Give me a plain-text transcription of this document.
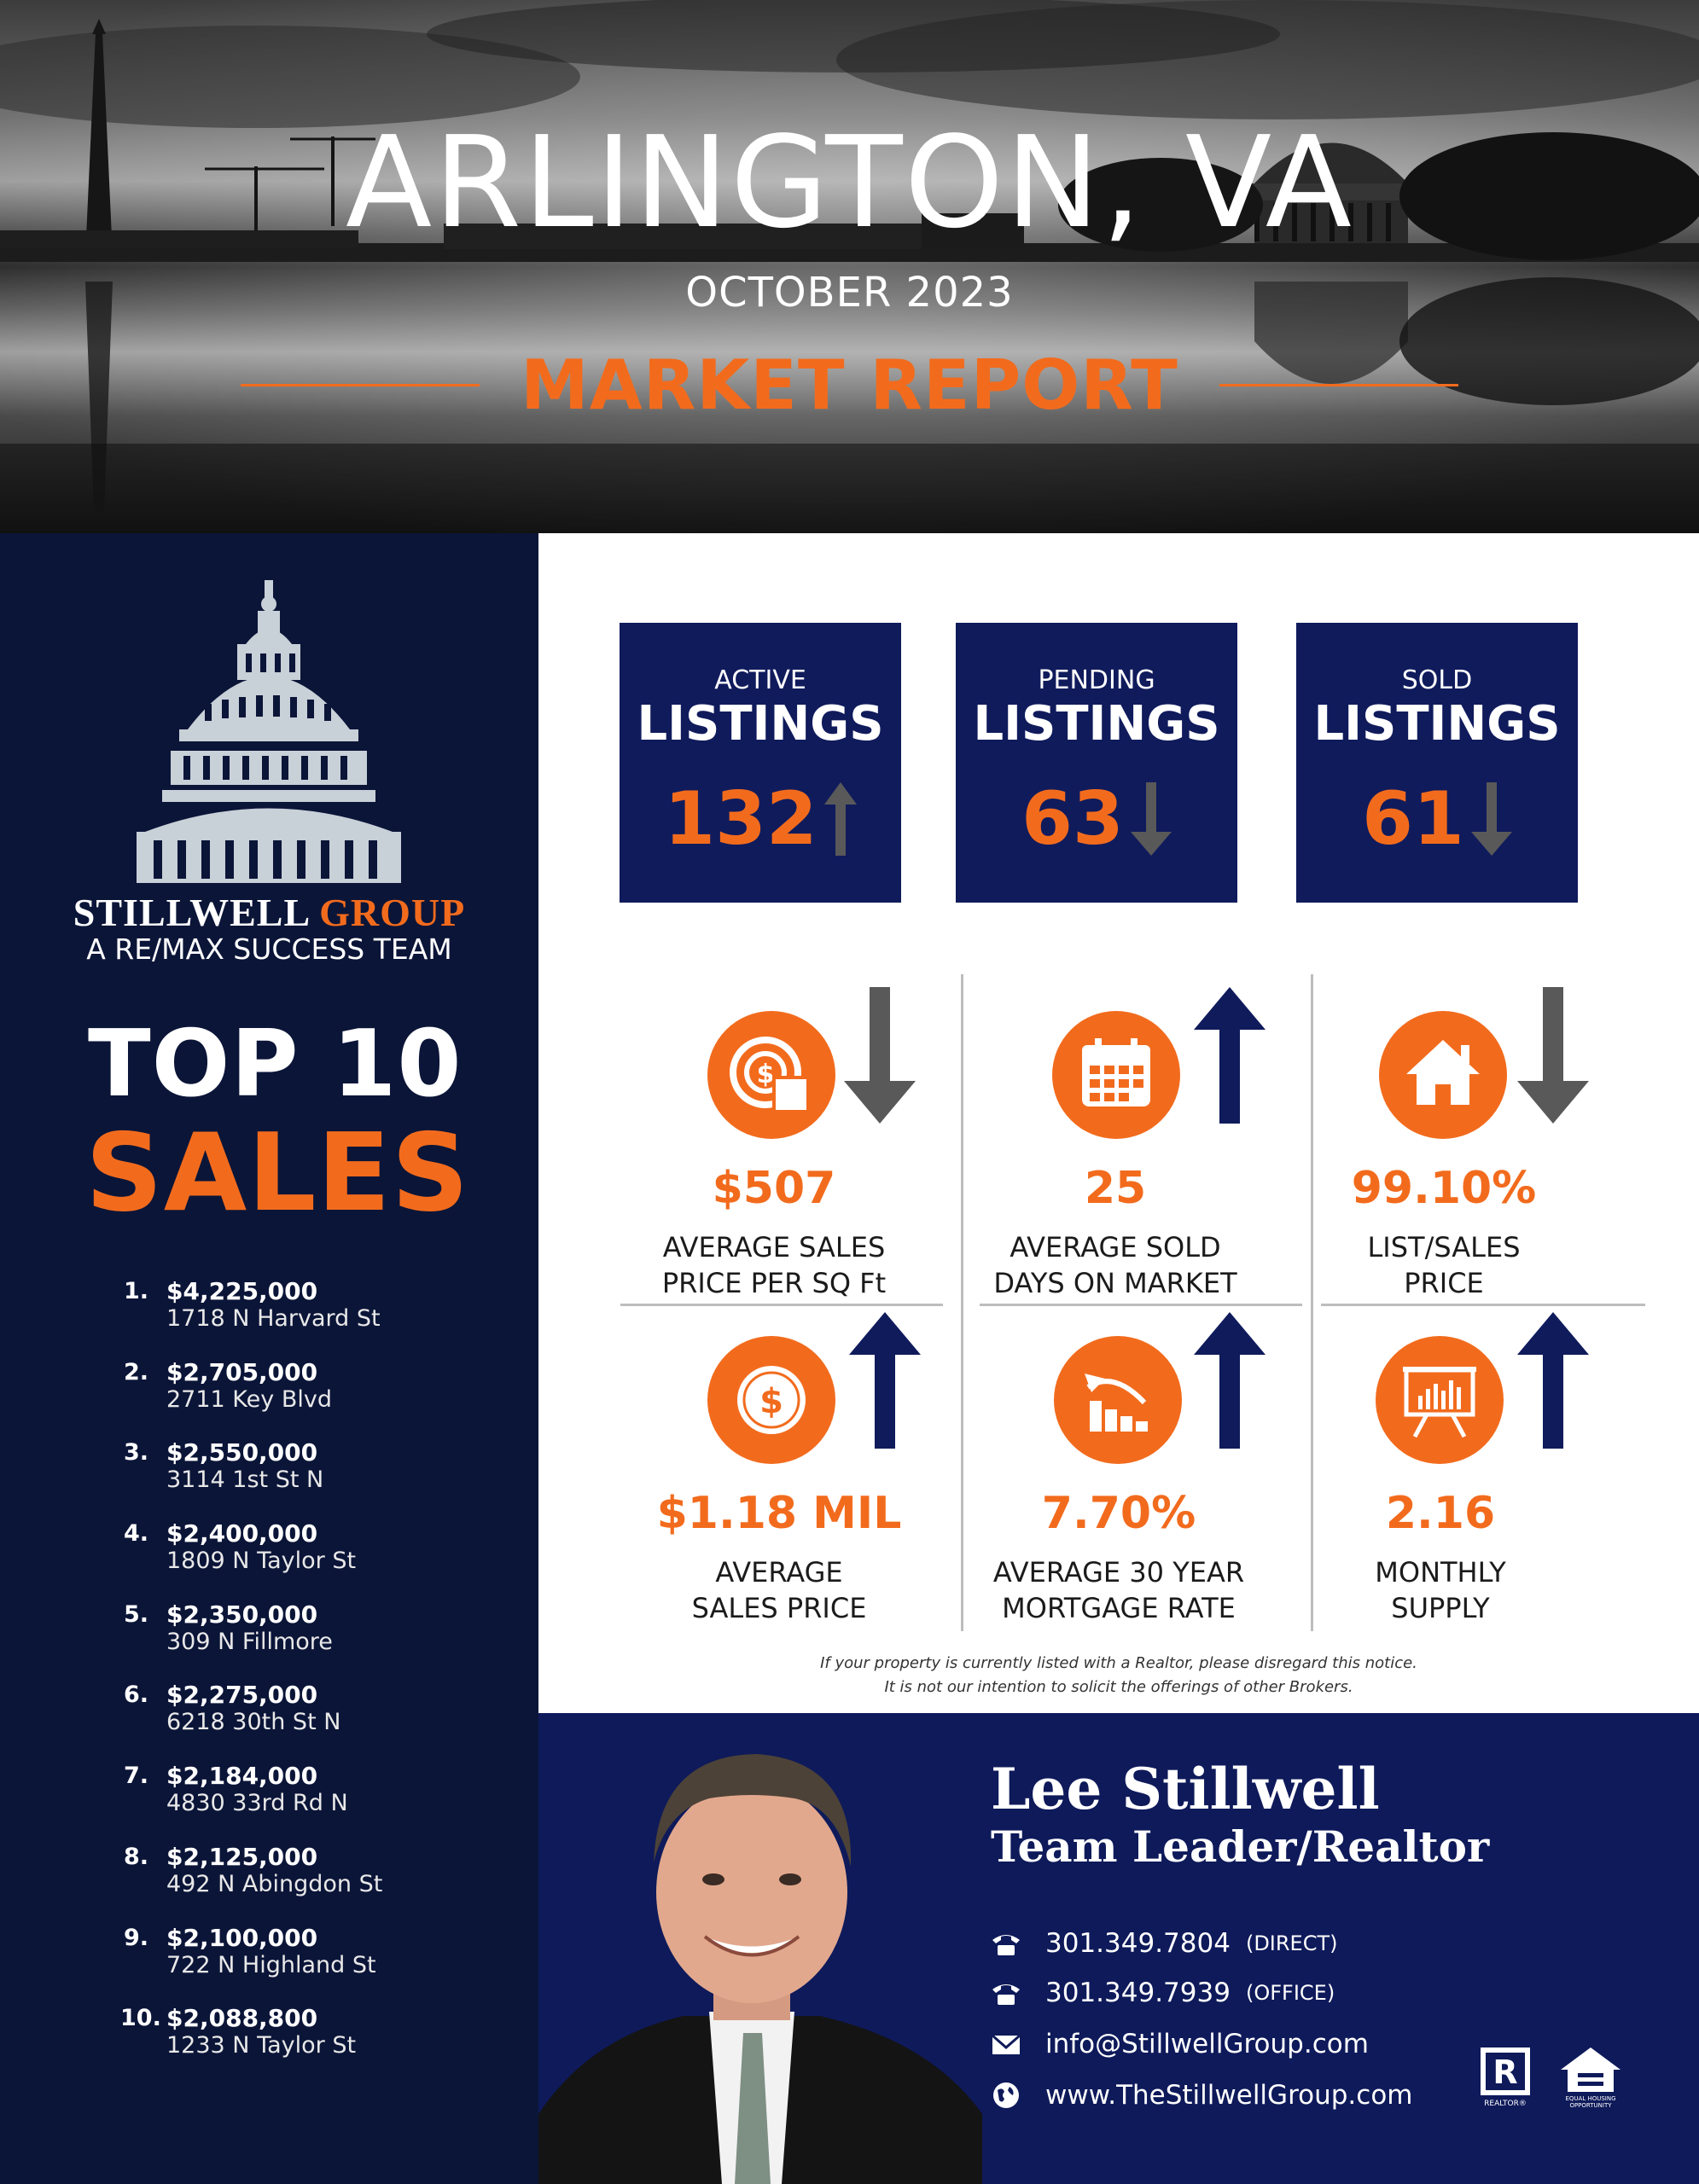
ARLINGTON, VA
OCTOBER 2023
MARKET REPORT
STILLWELL GROUP
A RE/MAX SUCCESS TEAM
TOP 10
SALES
1. $4,225,000
1718 N Harvard St
2. $2,705,000
2711 Key Blvd
3. $2,550,000
3114 1st St N
4. $2,400,000
1809 N Taylor St
5. $2,350,000
309 N Fillmore
6. $2,275,000
6218 30th St N
7. $2,184,000
4830 33rd Rd N
8. $2,125,000
492 N Abingdon St
9. $2,100,000
722 N Highland St
10. $2,088,800
1233 N Taylor St
ACTIVE
LISTINGS
132
PENDING
LISTINGS
63
SOLD
LISTINGS
61
$
$507
AVERAGE SALES
PRICE PER SQ Ft
25
AVERAGE SOLD
DAYS ON MARKET
99.10%
LIST/SALES
PRICE
$
$1.18 MIL
AVERAGE
SALES PRICE
7.70%
AVERAGE 30 YEAR
MORTGAGE RATE
2.16
MONTHLY
SUPPLY
If your property is currently listed with a Realtor, please disregard this notice.
It is not our intention to solicit the offerings of other Brokers.
Lee Stillwell
Team Leader/Realtor
301.349.7804 (DIRECT)
301.349.7939 (OFFICE)
info@StillwellGroup.com
www.TheStillwellGroup.com
R
REALTOR®
EQUAL HOUSING
OPPORTUNITY
